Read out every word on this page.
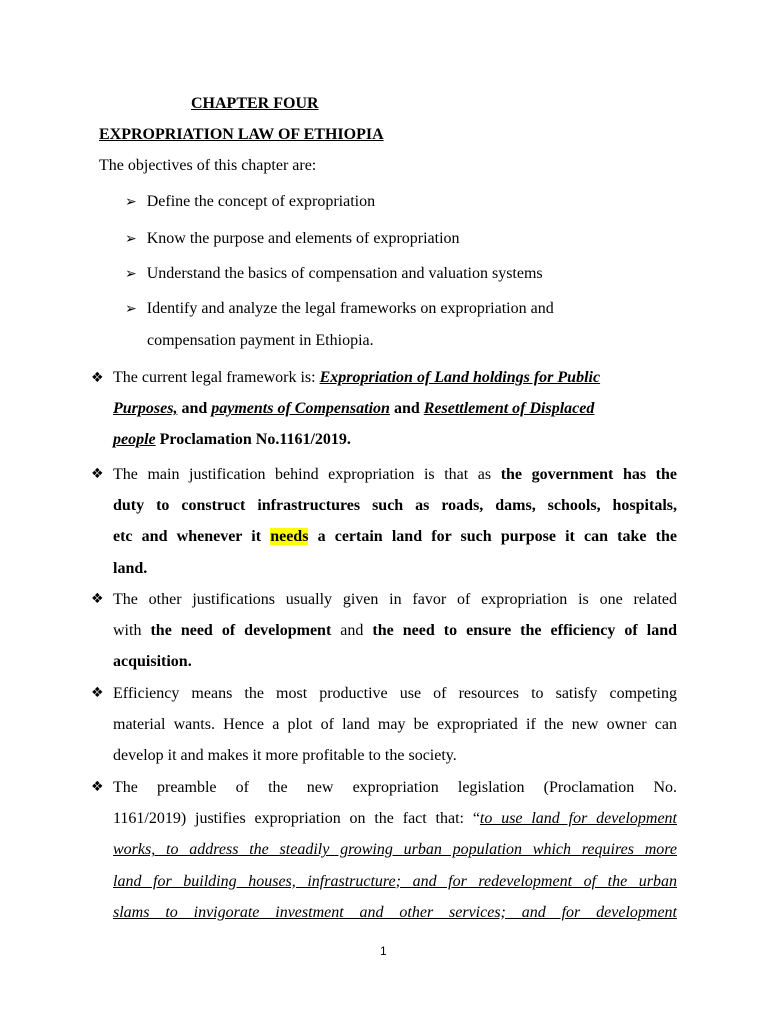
CHAPTER FOUR
EXPROPRIATION LAW OF ETHIOPIA
The objectives of this chapter are:
➢ Define the concept of expropriation
➢ Know the purpose and elements of expropriation
➢ Understand the basics of compensation and valuation systems
➢ Identify and analyze the legal frameworks on expropriation and
compensation payment in Ethiopia.
❖ The current legal framework is: Expropriation of Land holdings for Public
Purposes, and payments of Compensation and Resettlement of Displaced
people Proclamation No.1161/2019.
❖ The main justification behind expropriation is that as the government has the
duty to construct infrastructures such as roads, dams, schools, hospitals,
etc and whenever it needs a certain land for such purpose it can take the
land.
❖ The other justifications usually given in favor of expropriation is one related
with the need of development and the need to ensure the efficiency of land
acquisition.
❖ Efficiency means the most productive use of resources to satisfy competing
material wants. Hence a plot of land may be expropriated if the new owner can
develop it and makes it more profitable to the society.
❖ The preamble of the new expropriation legislation (Proclamation No.
1161/2019) justifies expropriation on the fact that: “to use land for development
works, to address the steadily growing urban population which requires more
land for building houses, infrastructure; and for redevelopment of the urban
slams to invigorate investment and other services; and for development
1
